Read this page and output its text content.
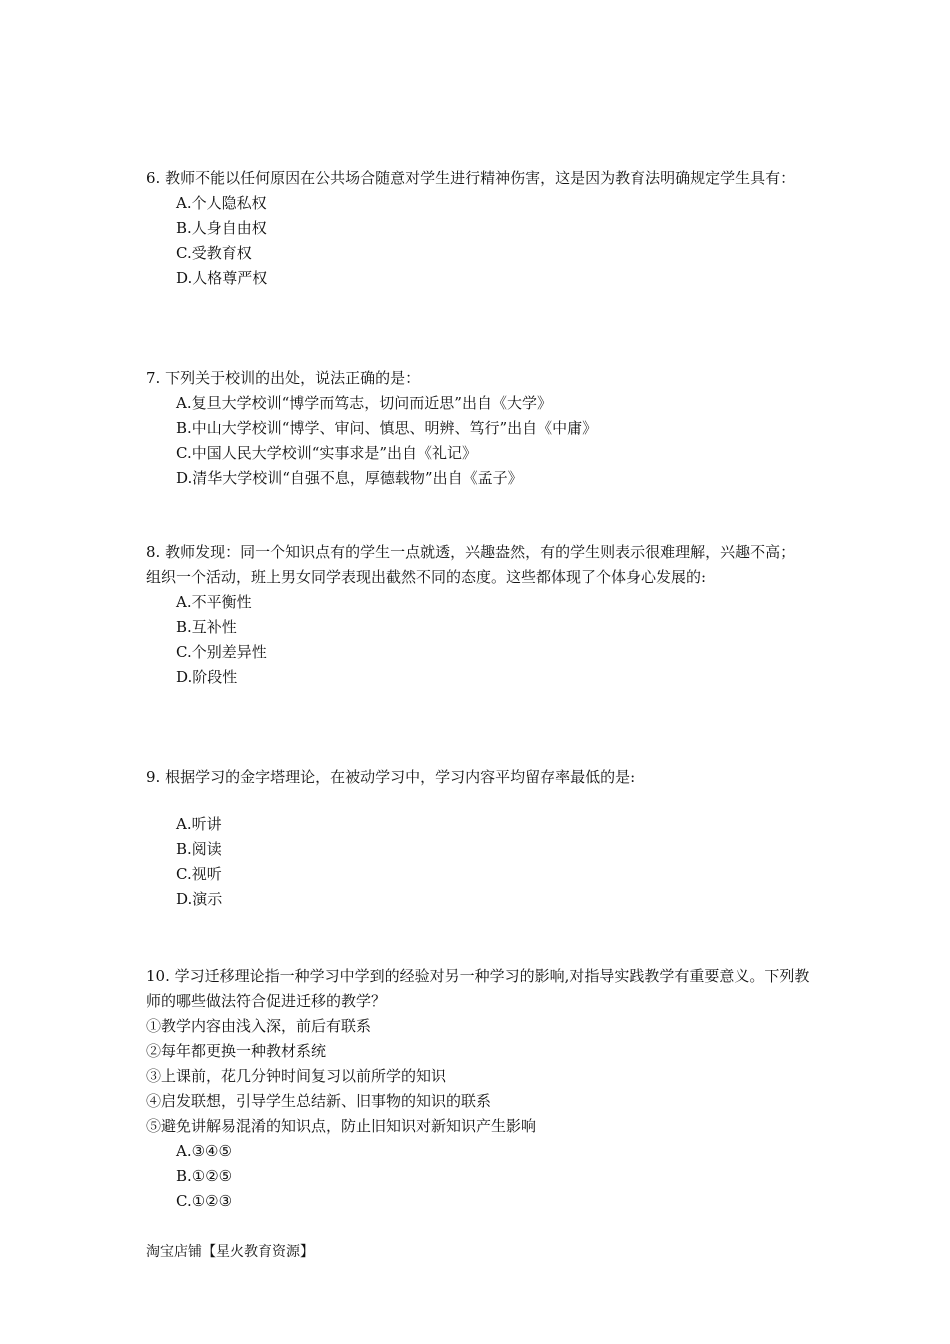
6. 教师不能以任何原因在公共场合随意对学生进行精神伤害，这是因为教育法明确规定学生具有：

A.个人隐私权

B.人身自由权

C.受教育权

D.人格尊严权

7. 下列关于校训的出处，说法正确的是：

A.复旦大学校训“博学而笃志，切问而近思”出自《大学》

B.中山大学校训“博学、审问、慎思、明辨、笃行”出自《中庸》

C.中国人民大学校训“实事求是”出自《礼记》

D.清华大学校训“自强不息，厚德载物”出自《孟子》

8. 教师发现：同一个知识点有的学生一点就透，兴趣盎然，有的学生则表示很难理解，兴趣不高；组织一个活动，班上男女同学表现出截然不同的态度。这些都体现了个体身心发展的:

A.不平衡性

B.互补性

C.个别差异性

D.阶段性

9. 根据学习的金字塔理论，在被动学习中，学习内容平均留存率最低的是:

A.听讲

B.阅读

C.视听

D.演示

10. 学习迁移理论指一种学习中学到的经验对另一种学习的影响,对指导实践教学有重要意义。下列教师的哪些做法符合促进迁移的教学？

①教学内容由浅入深，前后有联系

②每年都更换一种教材系统

③上课前，花几分钟时间复习以前所学的知识

④启发联想，引导学生总结新、旧事物的知识的联系

⑤避免讲解易混淆的知识点，防止旧知识对新知识产生影响

A.③④⑤

B.①②⑤

C.①②③

淘宝店铺【星火教育资源】
